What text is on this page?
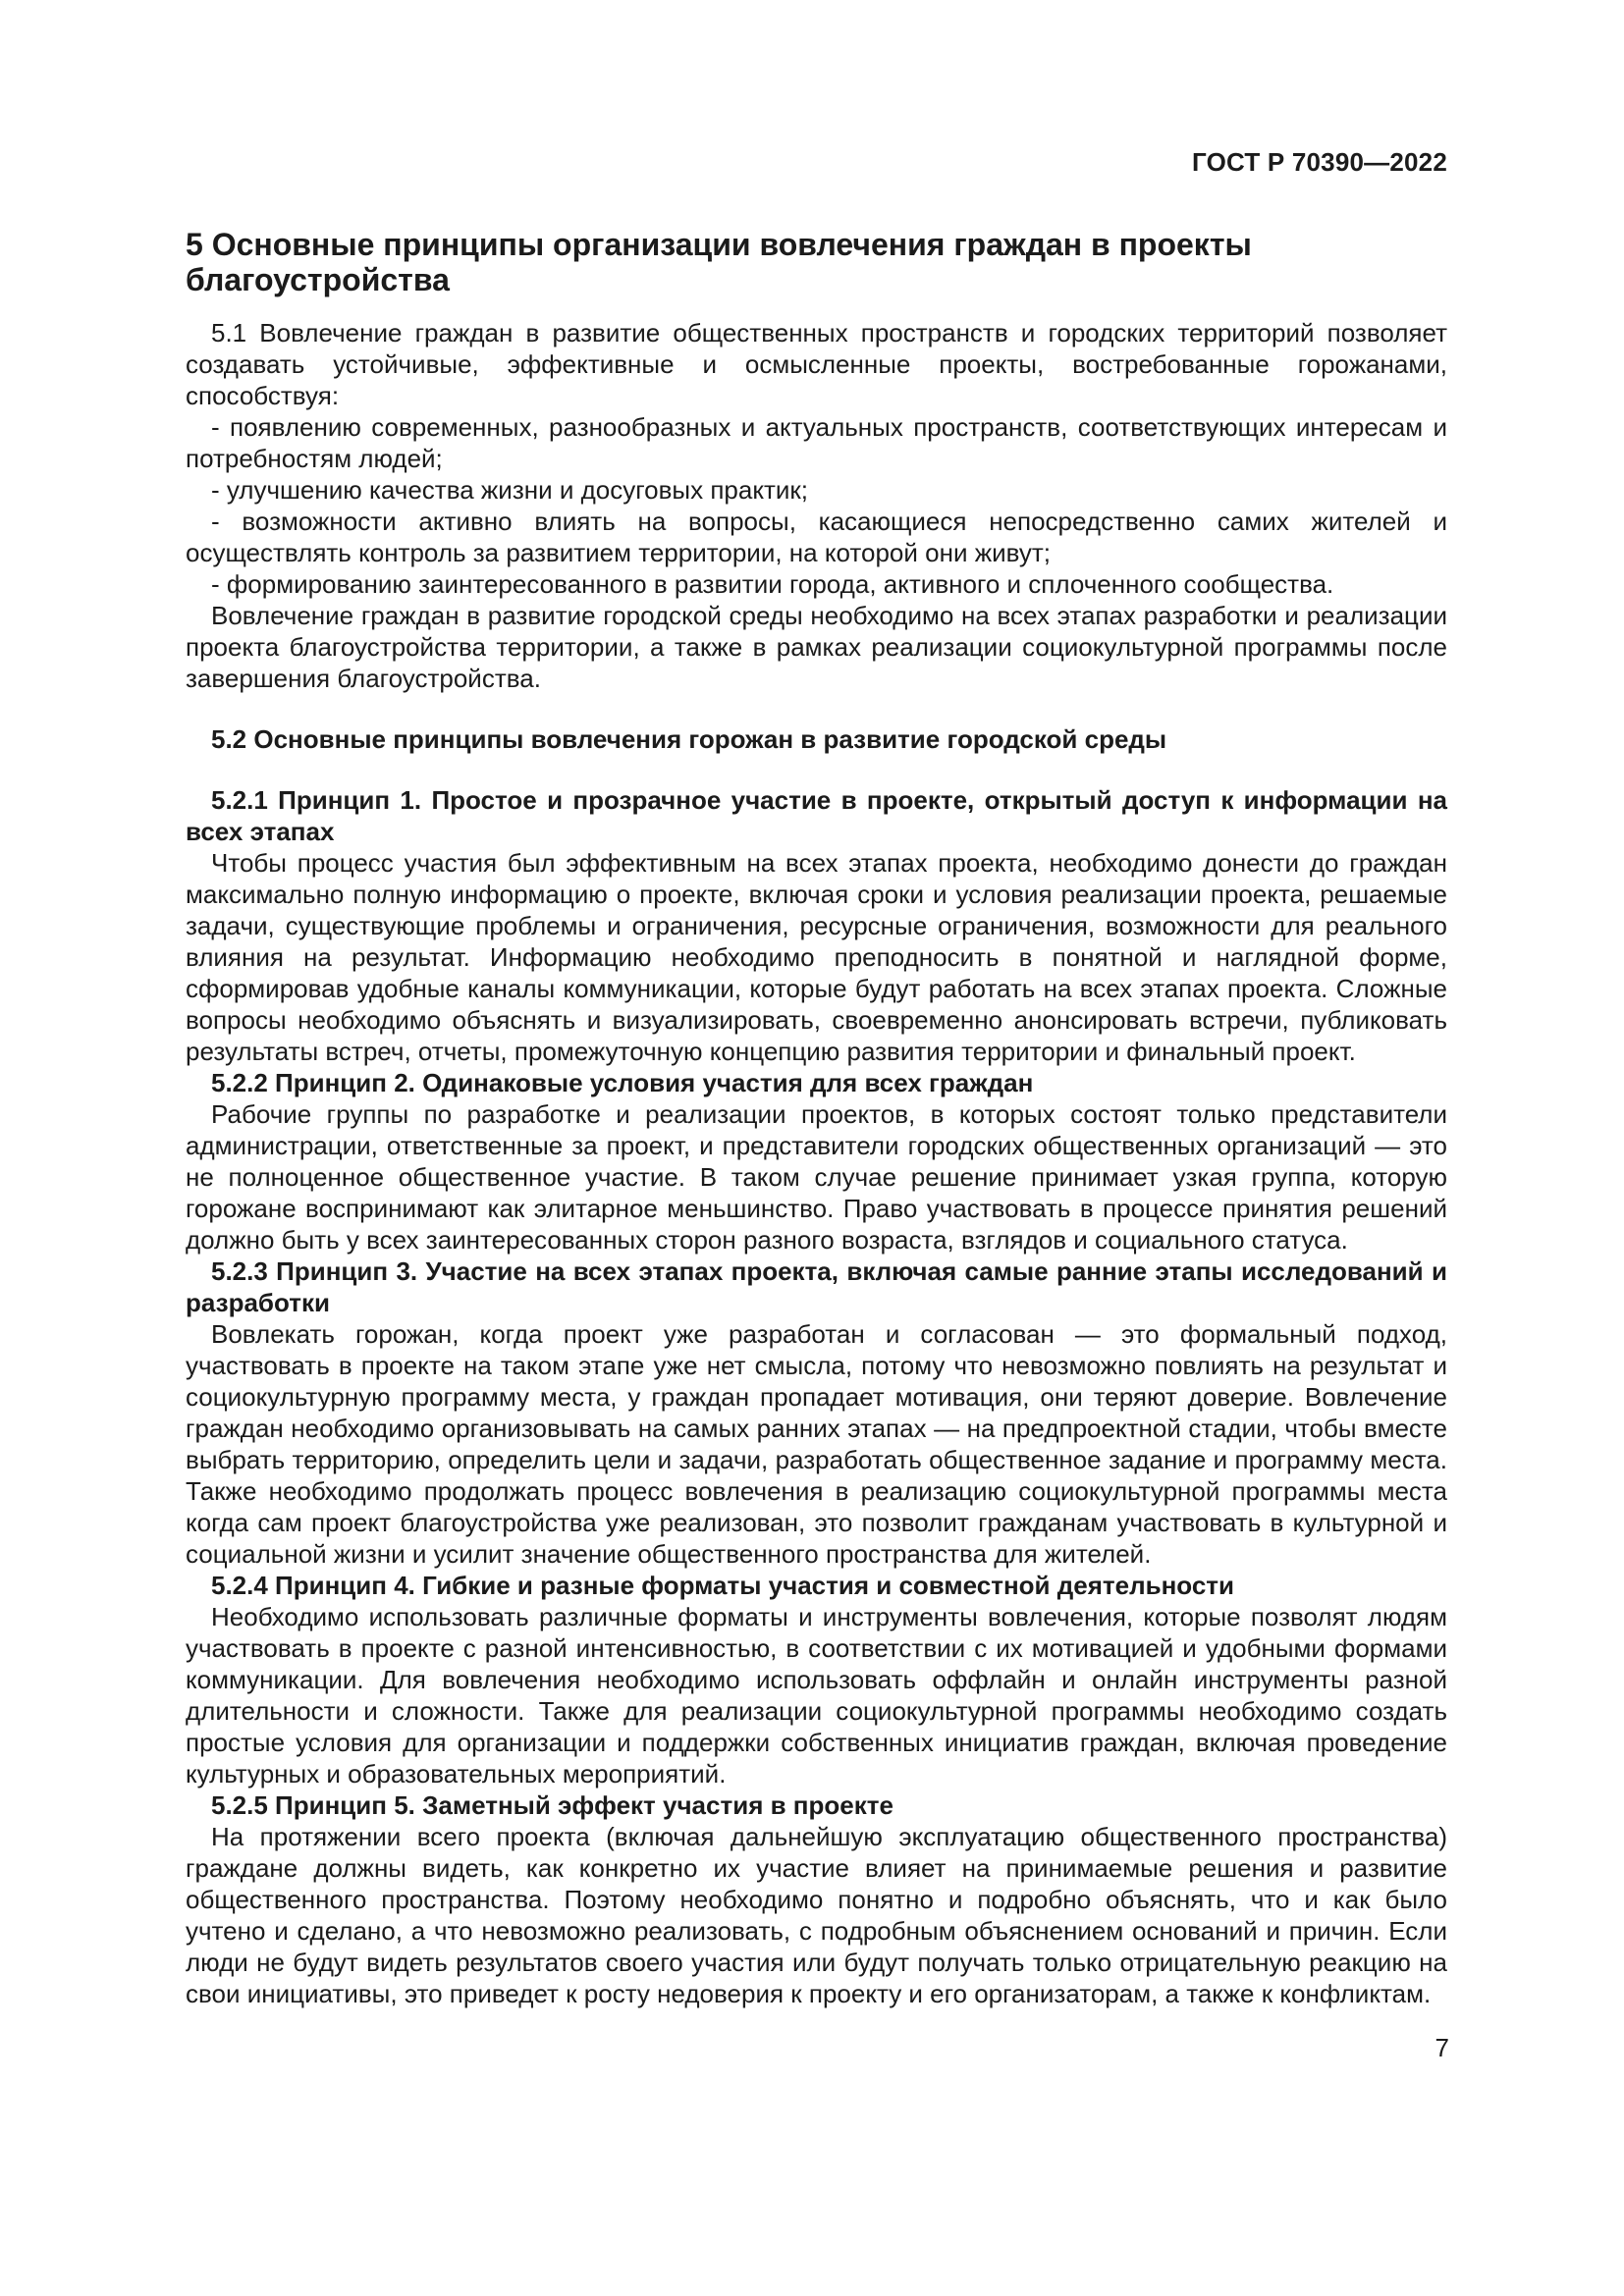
ГОСТ Р 70390—2022
5 Основные принципы организации вовлечения граждан в проекты благоустройства

5.1 Вовлечение граждан в развитие общественных пространств и городских территорий позволяет создавать устойчивые, эффективные и осмысленные проекты, востребованные горожанами, способствуя:

- появлению современных, разнообразных и актуальных пространств, соответствующих интересам и потребностям людей;

- улучшению качества жизни и досуговых практик;

- возможности активно влиять на вопросы, касающиеся непосредственно самих жителей и осуществлять контроль за развитием территории, на которой они живут;

- формированию заинтересованного в развитии города, активного и сплоченного сообщества.

Вовлечение граждан в развитие городской среды необходимо на всех этапах разработки и реализации проекта благоустройства территории, а также в рамках реализации социокультурной программы после завершения благоустройства.

5.2 Основные принципы вовлечения горожан в развитие городской среды

5.2.1 Принцип 1. Простое и прозрачное участие в проекте, открытый доступ к информации на всех этапах

Чтобы процесс участия был эффективным на всех этапах проекта, необходимо донести до граждан максимально полную информацию о проекте, включая сроки и условия реализации проекта, решаемые задачи, существующие проблемы и ограничения, ресурсные ограничения, возможности для реального влияния на результат. Информацию необходимо преподносить в понятной и наглядной форме, сформировав удобные каналы коммуникации, которые будут работать на всех этапах проекта. Сложные вопросы необходимо объяснять и визуализировать, своевременно анонсировать встречи, публиковать результаты встреч, отчеты, промежуточную концепцию развития территории и финальный проект.

5.2.2 Принцип 2. Одинаковые условия участия для всех граждан

Рабочие группы по разработке и реализации проектов, в которых состоят только представители администрации, ответственные за проект, и представители городских общественных организаций — это не полноценное общественное участие. В таком случае решение принимает узкая группа, которую горожане воспринимают как элитарное меньшинство. Право участвовать в процессе принятия решений должно быть у всех заинтересованных сторон разного возраста, взглядов и социального статуса.

5.2.3 Принцип 3. Участие на всех этапах проекта, включая самые ранние этапы исследований и разработки

Вовлекать горожан, когда проект уже разработан и согласован — это формальный подход, участвовать в проекте на таком этапе уже нет смысла, потому что невозможно повлиять на результат и социокультурную программу места, у граждан пропадает мотивация, они теряют доверие. Вовлечение граждан необходимо организовывать на самых ранних этапах — на предпроектной стадии, чтобы вместе выбрать территорию, определить цели и задачи, разработать общественное задание и программу места. Также необходимо продолжать процесс вовлечения в реализацию социокультурной программы места когда сам проект благоустройства уже реализован, это позволит гражданам участвовать в культурной и социальной жизни и усилит значение общественного пространства для жителей.

5.2.4 Принцип 4. Гибкие и разные форматы участия и совместной деятельности

Необходимо использовать различные форматы и инструменты вовлечения, которые позволят людям участвовать в проекте с разной интенсивностью, в соответствии с их мотивацией и удобными формами коммуникации. Для вовлечения необходимо использовать оффлайн и онлайн инструменты разной длительности и сложности. Также для реализации социокультурной программы необходимо создать простые условия для организации и поддержки собственных инициатив граждан, включая проведение культурных и образовательных мероприятий.

5.2.5 Принцип 5. Заметный эффект участия в проекте

На протяжении всего проекта (включая дальнейшую эксплуатацию общественного пространства) граждане должны видеть, как конкретно их участие влияет на принимаемые решения и развитие общественного пространства. Поэтому необходимо понятно и подробно объяснять, что и как было учтено и сделано, а что невозможно реализовать, с подробным объяснением оснований и причин. Если люди не будут видеть результатов своего участия или будут получать только отрицательную реакцию на свои инициативы, это приведет к росту недоверия к проекту и его организаторам, а также к конфликтам.

7
